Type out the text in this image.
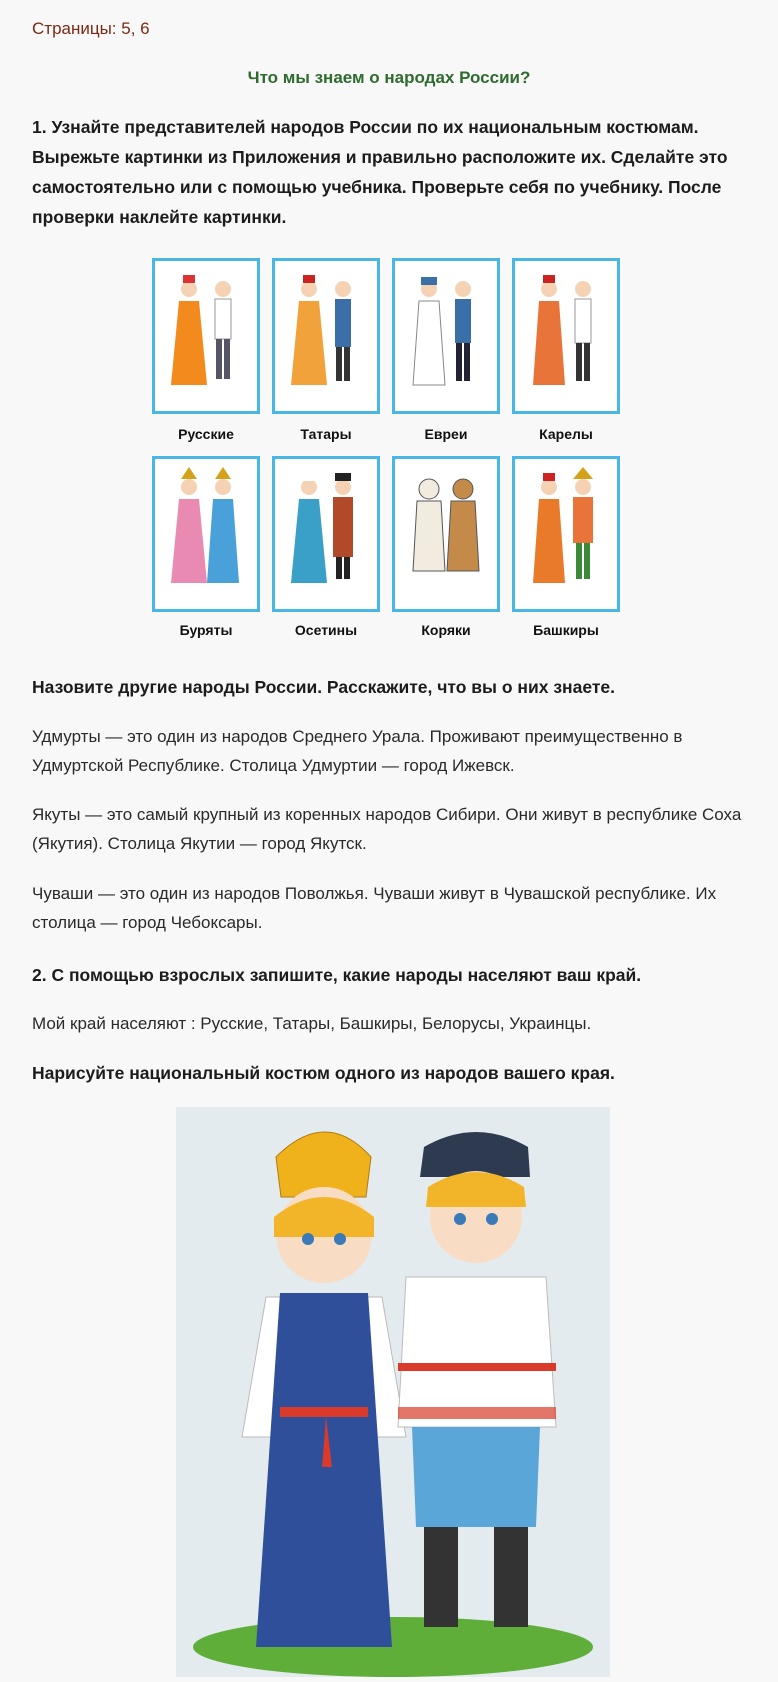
Страницы: 5, 6
Что мы знаем о народах России?
1. Узнайте представителей народов России по их национальным костюмам. Вырежьте картинки из Приложения и правильно расположите их. Сделайте это самостоятельно или с помощью учебника. Проверьте себя по учебнику. После проверки наклейте картинки.
Русские	Татары	Евреи	Карелы
Буряты	Осетины	Коряки	Башкиры
Назовите другие народы России. Расскажите, что вы о них знаете.
Удмурты — это один из народов Среднего Урала. Проживают преимущественно в Удмуртской Республике. Столица Удмуртии — город Ижевск.
Якуты — это самый крупный из коренных народов Сибири. Они живут в республике Соха (Якутия). Столица Якутии — город Якутск.
Чуваши — это один из народов Поволжья. Чуваши живут в Чувашской республике. Их столица — город Чебоксары.
2. С помощью взрослых запишите, какие народы населяют ваш край.
Мой край населяют : Русские, Татары, Башкиры, Белорусы, Украинцы.
Нарисуйте национальный костюм одного из народов вашего края.
